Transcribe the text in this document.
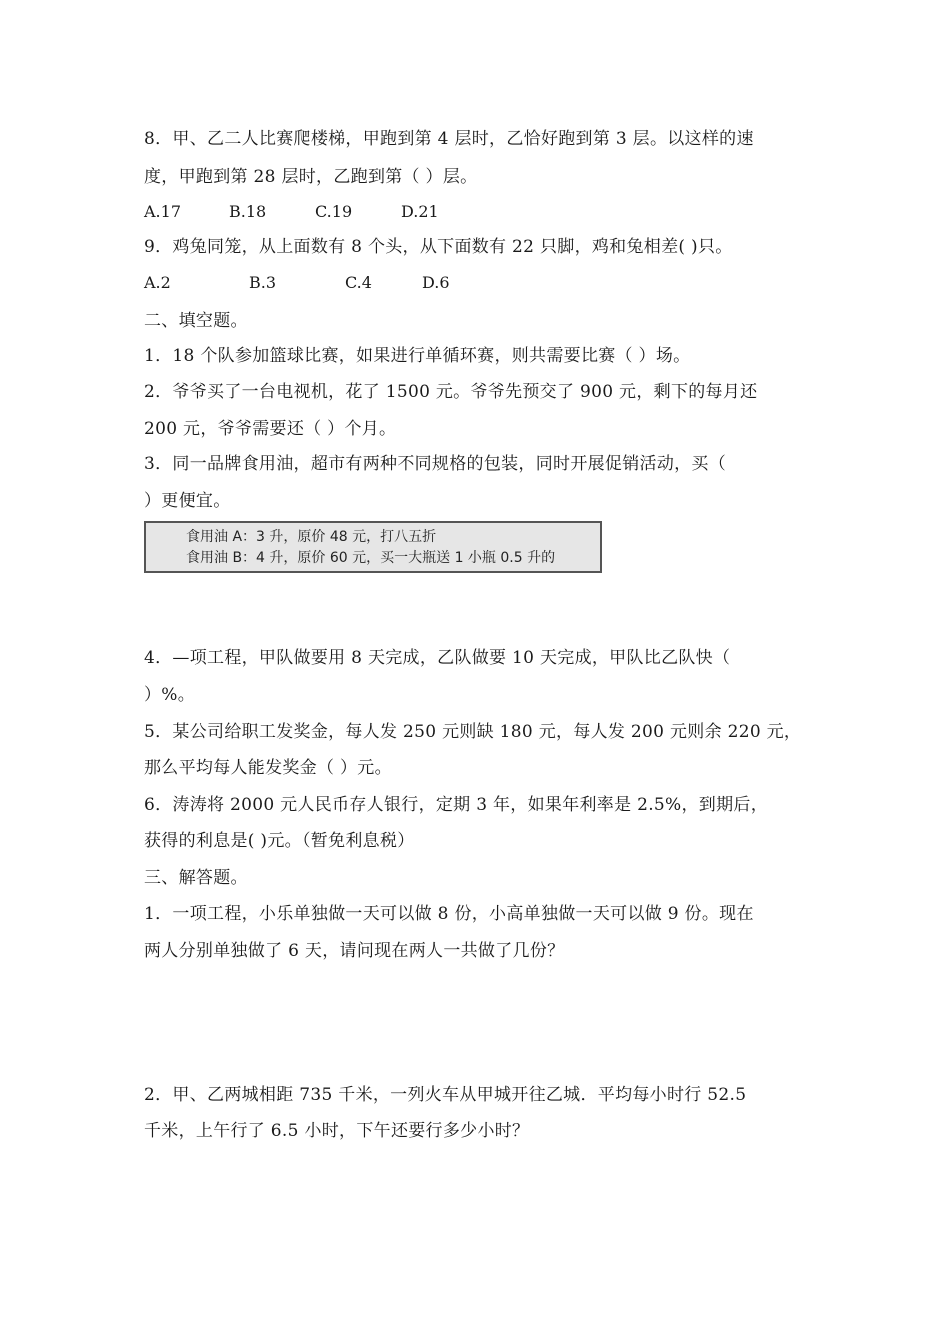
8．甲、乙二人比赛爬楼梯，甲跑到第 4 层时，乙恰好跑到第 3 层。以这样的速
度，甲跑到第 28 层时，乙跑到第（ ）层。
A.17	B.18	C.19	D.21
9．鸡兔同笼，从上面数有 8 个头，从下面数有 22 只脚，鸡和兔相差( )只。
A.2	B.3	C.4	D.6
二、填空题。
1．18 个队参加篮球比赛，如果进行单循环赛，则共需要比赛（ ）场。
2．爷爷买了一台电视机，花了 1500 元。爷爷先预交了 900 元，剩下的每月还
200 元，爷爷需要还（ ）个月。
3．同一品牌食用油，超市有两种不同规格的包装，同时开展促销活动，买（
）更便宜。
食用油 A：3 升，原价 48 元，打八五折
食用油 B：4 升，原价 60 元，买一大瓶送 1 小瓶 0.5 升的
4．—项工程，甲队做要用 8 天完成，乙队做要 10 天完成，甲队比乙队快（
）%。
5．某公司给职工发奖金，每人发 250 元则缺 180 元，每人发 200 元则余 220 元，
那么平均每人能发奖金（ ）元。
6．涛涛将 2000 元人民币存人银行，定期 3 年，如果年利率是 2.5%，到期后，
获得的利息是( )元。（暂免利息税）
三、解答题。
1．一项工程，小乐单独做一天可以做 8 份，小高单独做一天可以做 9 份。现在
两人分别单独做了 6 天，请问现在两人一共做了几份？
2．甲、乙两城相距 735 千米，一列火车从甲城开往乙城．平均每小时行 52.5
千米，上午行了 6.5 小时，下午还要行多少小时？
